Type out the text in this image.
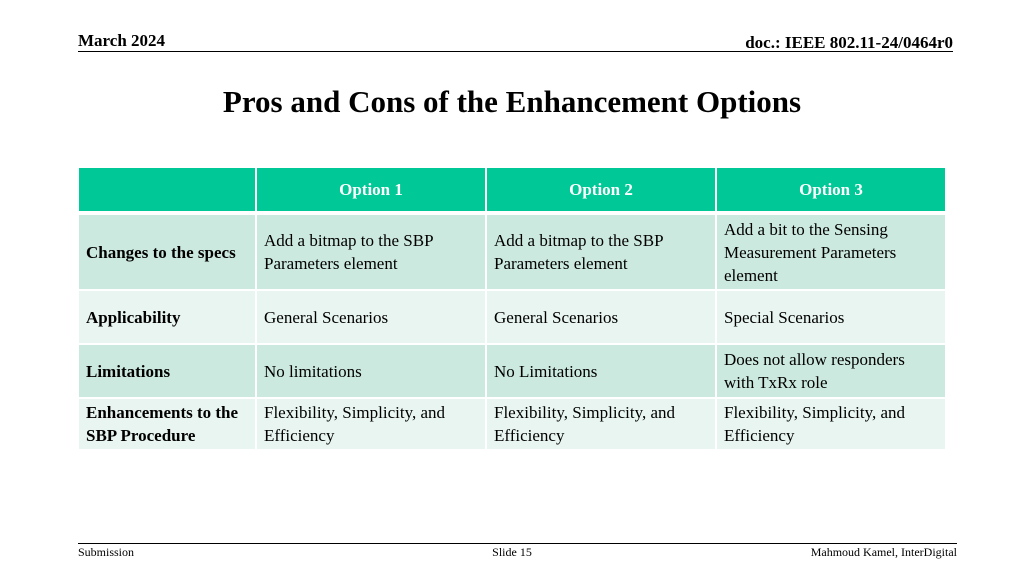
March 2024	doc.: IEEE 802.11-24/0464r0
Pros and Cons of the Enhancement Options
	Option 1	Option 2	Option 3
Changes to the specs	Add a bitmap to the SBP Parameters element	Add a bitmap to the SBP Parameters element	Add a bit to the Sensing Measurement Parameters element
Applicability	General Scenarios	General Scenarios	Special Scenarios
Limitations	No limitations	No Limitations	Does not allow responders with TxRx role
Enhancements to the SBP Procedure	Flexibility, Simplicity, and Efficiency	Flexibility, Simplicity, and Efficiency	Flexibility, Simplicity, and Efficiency
Submission	Slide 15	Mahmoud Kamel, InterDigital
